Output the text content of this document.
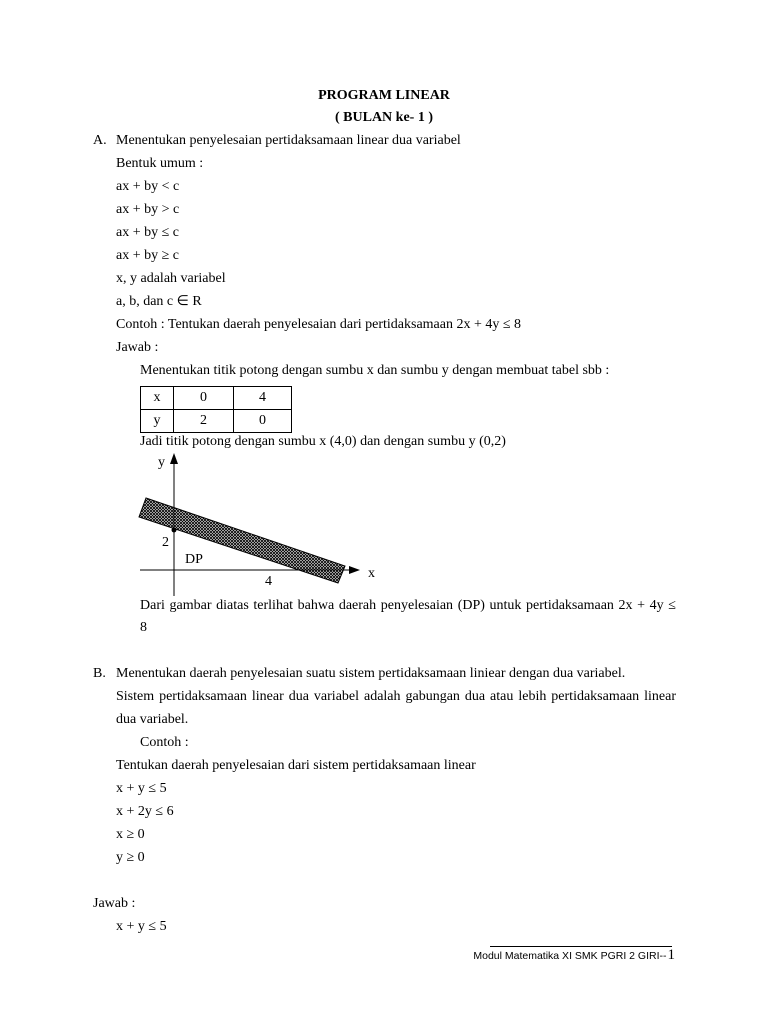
PROGRAM LINEAR
( BULAN ke- 1 )
A. Menentukan penyelesaian pertidaksamaan linear dua variabel
Bentuk umum :
ax + by < c
ax + by > c
ax + by ≤ c
ax + by ≥ c
x, y adalah variabel
a, b, dan c ∈ R
Contoh : Tentukan daerah penyelesaian dari pertidaksamaan 2x + 4y ≤ 8
Jawab :
Menentukan titik potong dengan sumbu x dan sumbu y dengan membuat tabel sbb :
x	0	4
y	2	0
Jadi titik potong dengan sumbu x (4,0) dan dengan sumbu y (0,2)
y
2
DP
4
x
Dari gambar diatas terlihat bahwa daerah penyelesaian (DP) untuk pertidaksamaan 2x + 4y ≤
8
B. Menentukan daerah penyelesaian suatu sistem pertidaksamaan liniear dengan dua variabel.
Sistem pertidaksamaan linear dua variabel adalah gabungan dua atau lebih pertidaksamaan linear
dua variabel.
Contoh :
Tentukan daerah penyelesaian dari sistem pertidaksamaan linear
x + y ≤ 5
x + 2y ≤ 6
x ≥ 0
y ≥ 0
Jawab :
x + y ≤ 5
Modul Matematika XI SMK PGRI 2 GIRI-- 1
